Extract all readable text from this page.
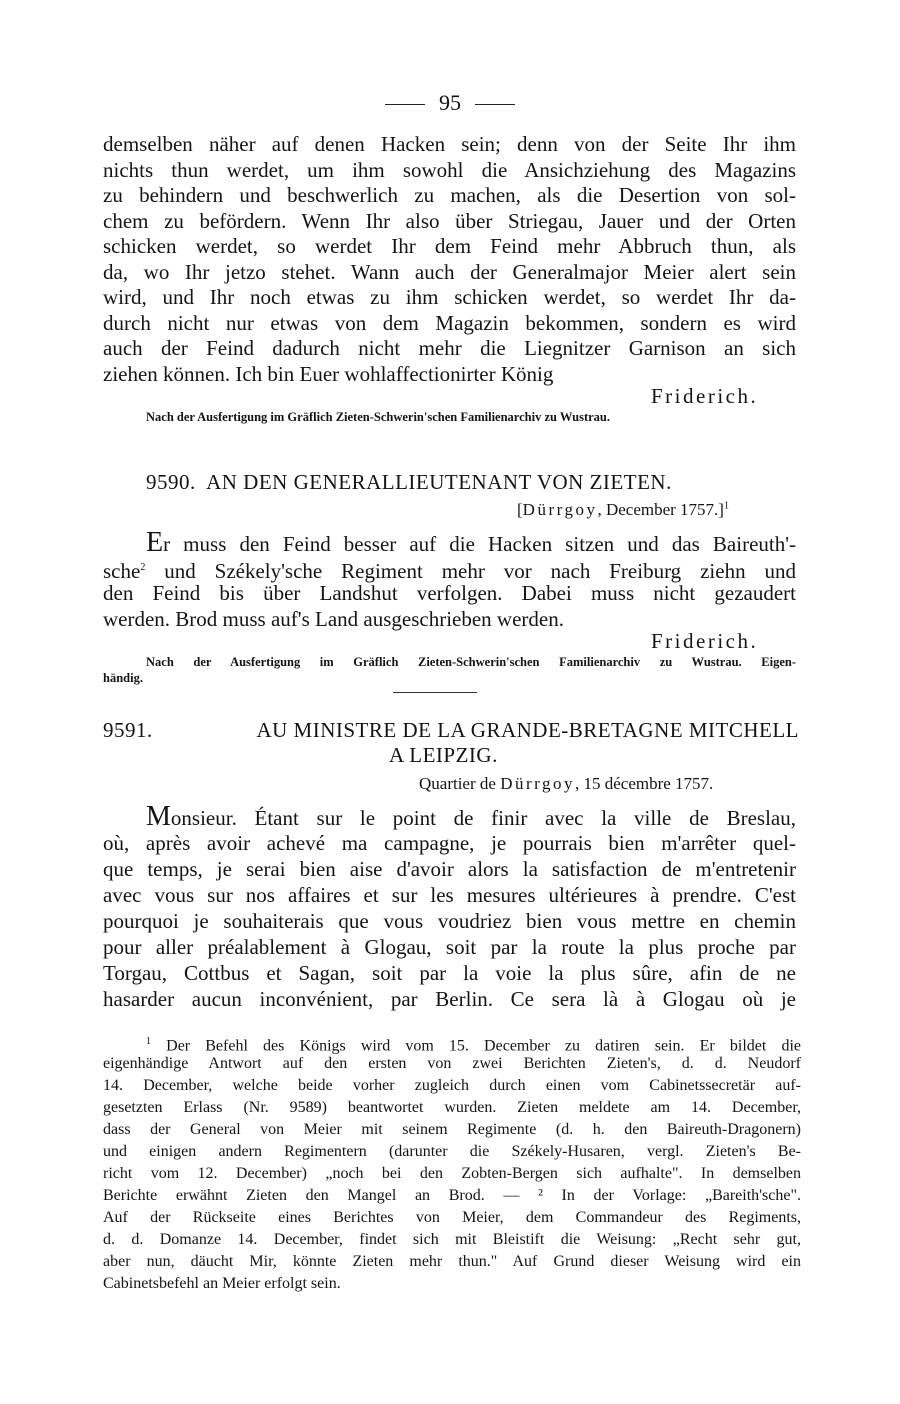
95
demselben näher auf denen Hacken sein; denn von der Seite Ihr ihm
nichts thun werdet, um ihm sowohl die Ansichziehung des Magazins
zu behindern und beschwerlich zu machen, als die Desertion von sol-
chem zu befördern. Wenn Ihr also über Striegau, Jauer und der Orten
schicken werdet, so werdet Ihr dem Feind mehr Abbruch thun, als
da, wo Ihr jetzo stehet. Wann auch der Generalmajor Meier alert sein
wird, und Ihr noch etwas zu ihm schicken werdet, so werdet Ihr da-
durch nicht nur etwas von dem Magazin bekommen, sondern es wird
auch der Feind dadurch nicht mehr die Liegnitzer Garnison an sich
ziehen können. Ich bin Euer wohlaffectionirter König
Friderich.
Nach der Ausfertigung im Gräflich Zieten-Schwerin'schen Familienarchiv zu Wustrau.
9590. AN DEN GENERALLIEUTENANT VON ZIETEN.
[Dürrgoy, December 1757.]$^1$
Er muss den Feind besser auf die Hacken sitzen und das Baireuth'-
sche$^2$ und Székely'sche Regiment mehr vor nach Freiburg ziehn und
den Feind bis über Landshut verfolgen. Dabei muss nicht gezaudert
werden. Brod muss auf's Land ausgeschrieben werden.
Friderich.
Nach der Ausfertigung im Gräflich Zieten-Schwerin'schen Familienarchiv zu Wustrau. Eigen-
händig.
9591.	AU MINISTRE DE LA GRANDE-BRETAGNE MITCHELL
A LEIPZIG.
Quartier de Dürrgoy, 15 décembre 1757.
Monsieur. Étant sur le point de finir avec la ville de Breslau,
où, après avoir achevé ma campagne, je pourrais bien m'arrêter quel-
que temps, je serai bien aise d'avoir alors la satisfaction de m'entretenir
avec vous sur nos affaires et sur les mesures ultérieures à prendre. C'est
pourquoi je souhaiterais que vous voudriez bien vous mettre en chemin
pour aller préalablement à Glogau, soit par la route la plus proche par
Torgau, Cottbus et Sagan, soit par la voie la plus sûre, afin de ne
hasarder aucun inconvénient, par Berlin. Ce sera là à Glogau où je
$^1$ Der Befehl des Königs wird vom 15. December zu datiren sein. Er bildet die
eigenhändige Antwort auf den ersten von zwei Berichten Zieten's, d. d. Neudorf
14. December, welche beide vorher zugleich durch einen vom Cabinetssecretär auf-
gesetzten Erlass (Nr. 9589) beantwortet wurden. Zieten meldete am 14. December,
dass der General von Meier mit seinem Regimente (d. h. den Baireuth-Dragonern)
und einigen andern Regimentern (darunter die Székely-Husaren, vergl. Zieten's Be-
richt vom 12. December) „noch bei den Zobten-Bergen sich aufhalte". In demselben
Berichte erwähnt Zieten den Mangel an Brod. — ² In der Vorlage: „Bareith'sche".
Auf der Rückseite eines Berichtes von Meier, dem Commandeur des Regiments,
d. d. Domanze 14. December, findet sich mit Bleistift die Weisung: „Recht sehr gut,
aber nun, däucht Mir, könnte Zieten mehr thun." Auf Grund dieser Weisung wird ein
Cabinetsbefehl an Meier erfolgt sein.
